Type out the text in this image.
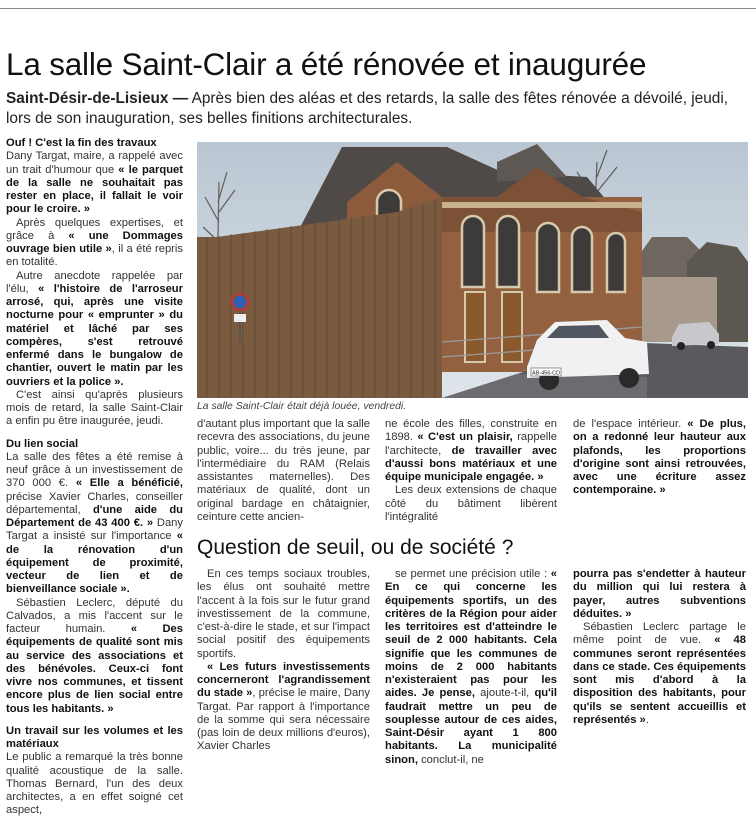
La salle Saint-Clair a été rénovée et inaugurée
Saint-Désir-de-Lisieux — Après bien des aléas et des retards, la salle des fêtes rénovée a dévoilé, jeudi, lors de son inauguration, ses belles finitions architecturales.
Ouf ! C'est la fin des travaux

Dany Targat, maire, a rappelé avec un trait d'humour que « le parquet de la salle ne souhaitait pas rester en place, il fallait le voir pour le croire. »

Après quelques expertises, et grâce à « une Dommages ouvrage bien utile », il a été repris en totalité.

Autre anecdote rappelée par l'élu, « l'histoire de l'arroseur arrosé, qui, après une visite nocturne pour « emprunter » du matériel et lâché par ses compères, s'est retrouvé enfermé dans le bungalow de chantier, ouvert le matin par les ouvriers et la police ».

C'est ainsi qu'après plusieurs mois de retard, la salle Saint-Clair a enfin pu être inaugurée, jeudi.

Du lien social

La salle des fêtes a été remise à neuf grâce à un investissement de 370 000 €. « Elle a bénéficié, précise Xavier Charles, conseiller départemental, d'une aide du Département de 43 400 €. » Dany Targat a insisté sur l'importance « de la rénovation d'un équipement de proximité, vecteur de lien et de bienveillance sociale ».

Sébastien Leclerc, député du Calvados, a mis l'accent sur le facteur humain. « Des équipements de qualité sont mis au service des associations et des bénévoles. Ceux-ci font vivre nos communes, et tissent encore plus de lien social entre tous les habitants. »

Un travail sur les volumes et les matériaux

Le public a remarqué la très bonne qualité acoustique de la salle. Thomas Bernard, l'un des deux architectes, a en effet soigné cet aspect,

AB-456-CD
La salle Saint-Clair était déjà louée, vendredi.

d'autant plus important que la salle recevra des associations, du jeune public, voire... du très jeune, par l'intermédiaire du RAM (Relais assistantes maternelles). Des matériaux de qualité, dont un original bardage en châtaignier, ceinture cette ancien-

ne école des filles, construite en 1898. « C'est un plaisir, rappelle l'architecte, de travailler avec d'aussi bons matériaux et une équipe municipale engagée. »

Les deux extensions de chaque côté du bâtiment libèrent l'intégralité

de l'espace intérieur. « De plus, on a redonné leur hauteur aux plafonds, les proportions d'origine sont ainsi retrouvées, avec une écriture assez contemporaine. »

Question de seuil, ou de société ?

En ces temps sociaux troubles, les élus ont souhaité mettre l'accent à la fois sur le futur grand investissement de la commune, c'est-à-dire le stade, et sur l'impact social positif des équipements sportifs.

« Les futurs investissements concerneront l'agrandissement du stade », précise le maire, Dany Targat. Par rapport à l'importance de la somme qui sera nécessaire (pas loin de deux millions d'euros), Xavier Charles

se permet une précision utile : « En ce qui concerne les équipements sportifs, un des critères de la Région pour aider les territoires est d'atteindre le seuil de 2 000 habitants. Cela signifie que les communes de moins de 2 000 habitants n'existeraient pas pour les aides. Je pense, ajoute-t-il, qu'il faudrait mettre un peu de souplesse autour de ces aides, Saint-Désir ayant 1 800 habitants. La municipalité sinon, conclut-il, ne

pourra pas s'endetter à hauteur du million qui lui restera à payer, autres subventions déduites. »

Sébastien Leclerc partage le même point de vue. « 48 communes seront représentées dans ce stade. Ces équipements sont mis d'abord à la disposition des habitants, pour qu'ils se sentent accueillis et représentés ».
